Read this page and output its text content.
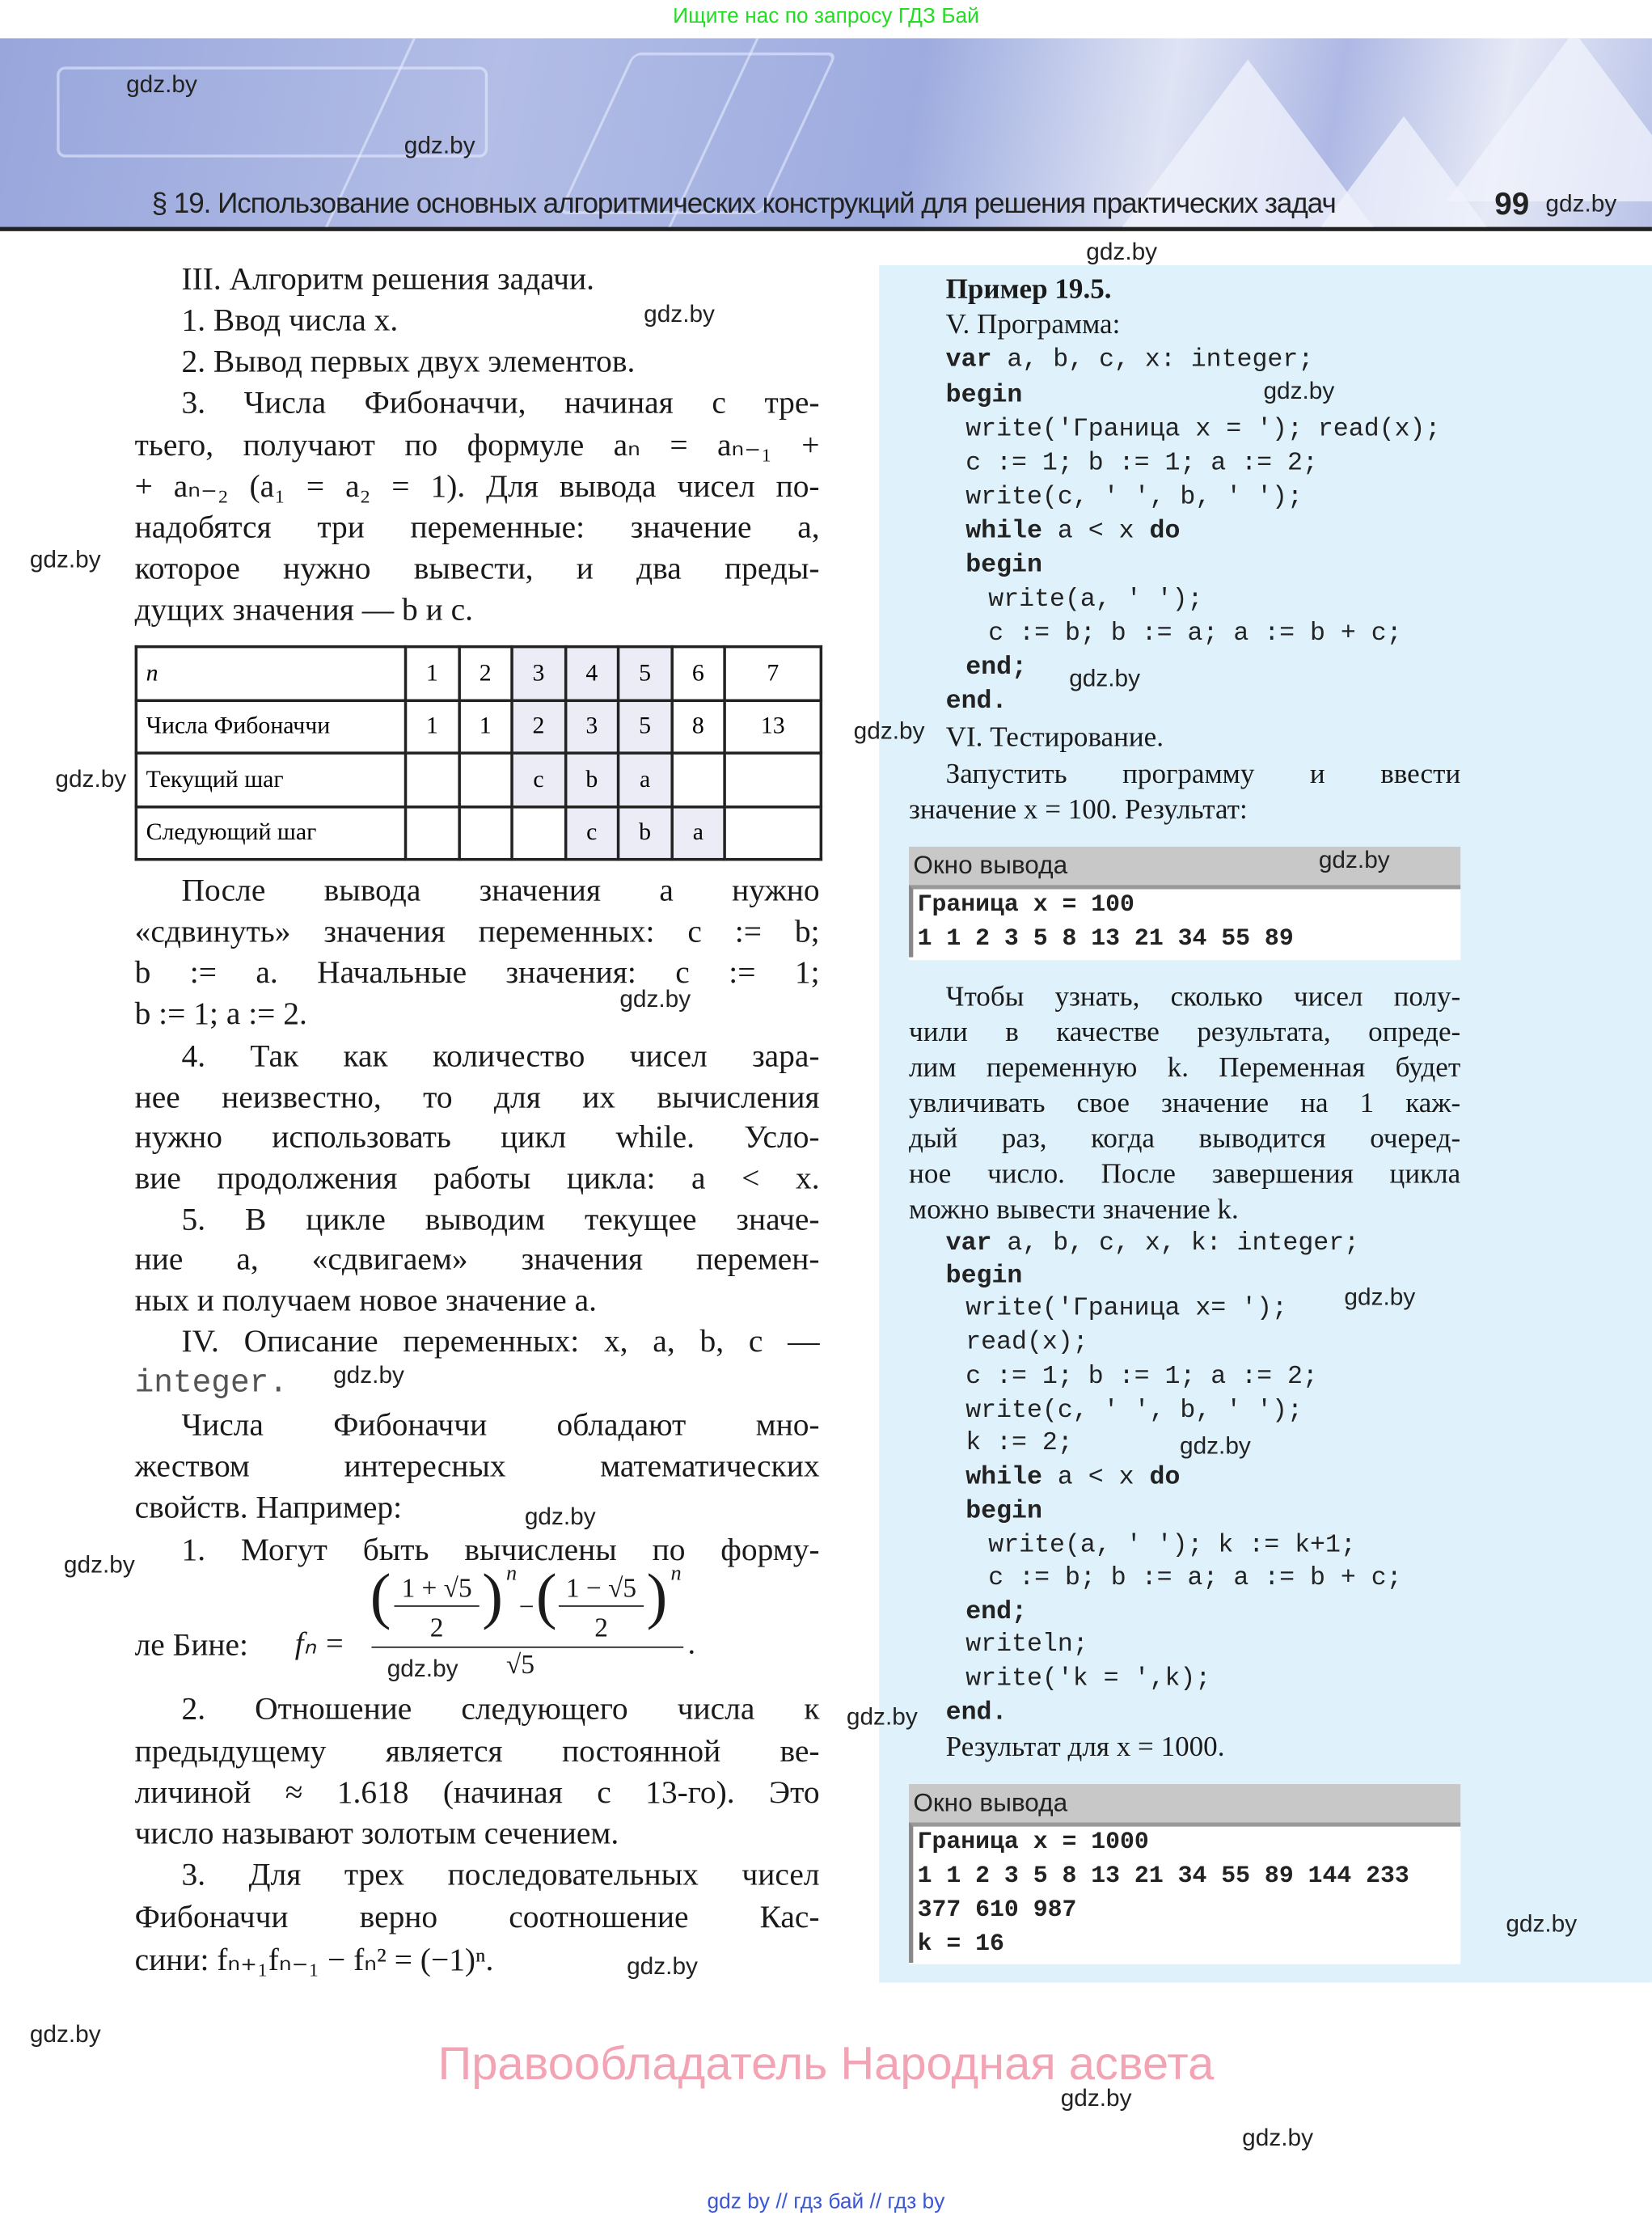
Ищите нас по запросу ГДЗ Бай
§ 19. Использование основных алгоритмических конструкций для решения практических задач	99
III. Алгоритм решения задачи.
1. Ввод числа x.
2. Вывод первых двух элементов.
3. Числа Фибоначчи, начиная с тре-
тьего, получают по формуле aₙ = aₙ₋₁ +
+ aₙ₋₂ (a₁ = a₂ = 1). Для вывода чисел по-
надобятся три переменные: значение a,
которое нужно вывести, и два преды-
дущих значения — b и c.
n	1	2	3	4	5	6	7
Числа Фибоначчи	1	1	2	3	5	8	13
Текущий шаг			c	b	a		
Следующий шаг				c	b	a	
После вывода значения a нужно
«сдвинуть» значения переменных: c := b;
b := a. Начальные значения: c := 1;
b := 1; a := 2.
4. Так как количество чисел зара-
нее неизвестно, то для их вычисления
нужно использовать цикл while. Усло-
вие продолжения работы цикла: a < x.
5. В цикле выводим текущее значе-
ние a, «сдвигаем» значения перемен-
ных и получаем новое значение a.
IV. Описание переменных: x, a, b, c —
integer.
Числа Фибоначчи обладают мно-
жеством интересных математических
свойств. Например:
1. Могут быть вычислены по форму-
ле Бине:	fₙ =
( 1 + √5
2	) n
− ( 1 − √5
2	) n
√5
.
2. Отношение следующего числа к
предыдущему является постоянной ве-
личиной ≈ 1.618 (начиная с 13-го). Это
число называют золотым сечением.
3. Для трех последовательных чисел
Фибоначчи верно соотношение Кас-
сини: fₙ₊₁fₙ₋₁ − fₙ² = (−1)ⁿ.
Пример 19.5.
V. Программа:
var a, b, c, x: integer;
begin
write('Граница x = '); read(x);
c := 1; b := 1; a := 2;
write(c, ' ', b, ' ');
while a < x do
begin
write(a, ' ');
c := b; b := a; a := b + c;
end;
end.
VI. Тестирование.
Запустить программу и ввести
значение x = 100. Результат:
Окно вывода
Граница x = 100
1 1 2 3 5 8 13 21 34 55 89
Чтобы узнать, сколько чисел полу-
чили в качестве результата, опреде-
лим переменную k. Переменная будет
увличивать свое значение на 1 каж-
дый раз, когда выводится очеред-
ное число. После завершения цикла
можно вывести значение k.
var a, b, c, x, k: integer;
begin
write('Граница x= ');
read(x);
c := 1; b := 1; a := 2;
write(c, ' ', b, ' ');
k := 2;
while a < x do
begin
write(a, ' '); k := k+1;
c := b; b := a; a := b + c;
end;
writeln;
write('k = ',k);
end.
Результат для x = 1000.
Окно вывода
Граница x = 1000
1 1 2 3 5 8 13 21 34 55 89 144 233
377 610 987
k = 16
gdz.by
gdz.by
gdz.by
gdz.by
gdz.by
gdz.by
gdz.by
gdz.by
gdz.by
gdz.by
gdz.by
gdz.by
gdz.by
gdz.by
gdz.by
gdz.by
gdz.by
gdz.by
gdz.by
gdz.by
gdz.by
gdz.by
gdz.by
gdz.by
Правообладатель Народная асвета
gdz by // гдз бай // гдз by
